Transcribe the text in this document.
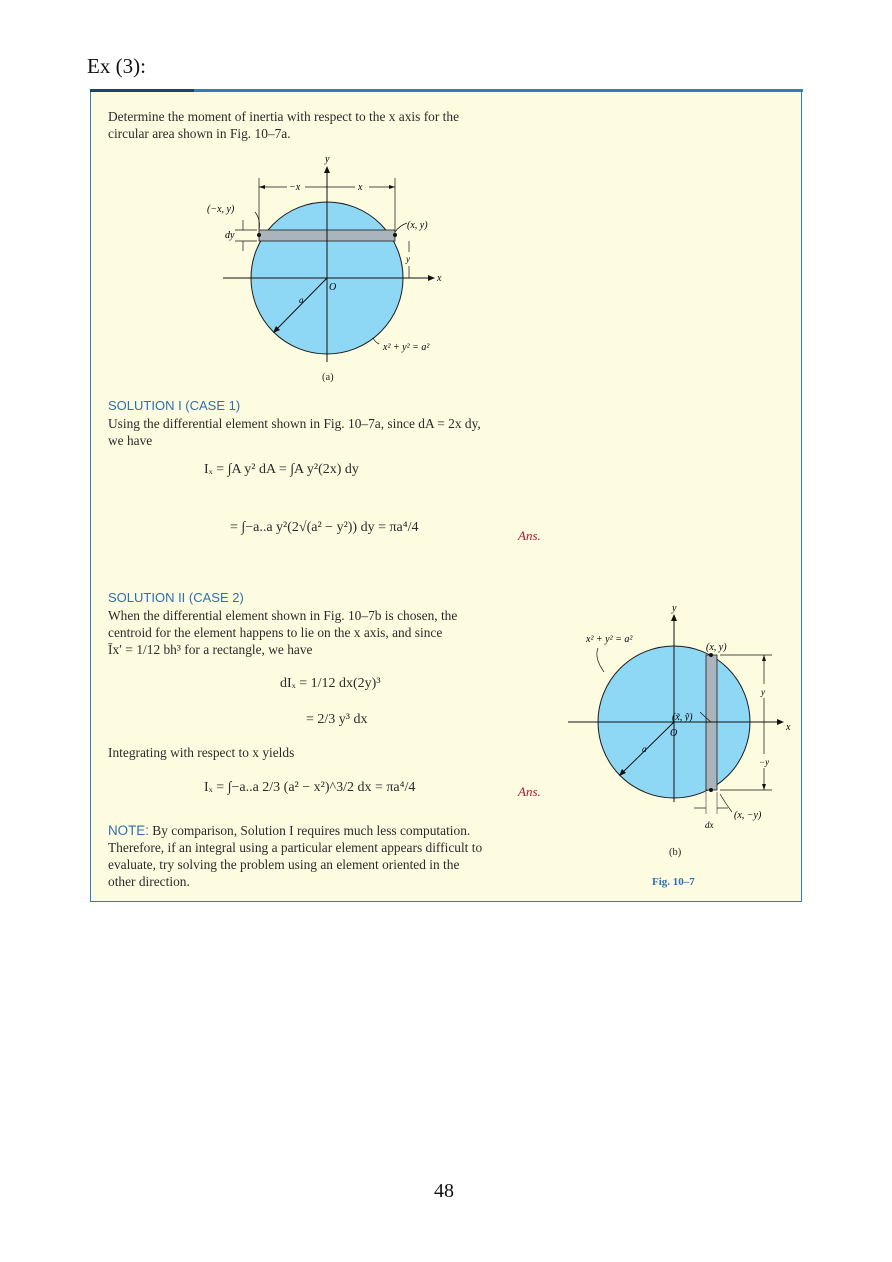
Ex (3):
Determine the moment of inertia with respect to the x axis for the
circular area shown in Fig. 10–7a.
y
x
O
a
(−x, y)
(x, y)
−x	x
dy
y
x² + y² = a²
(a)
SOLUTION I (CASE 1)
Using the differential element shown in Fig. 10–7a, since dA = 2x dy,
we have
Iₓ = ∫A y² dA = ∫A y²(2x) dy
= ∫−a..a y²(2√(a² − y²)) dy = πa⁴/4
Ans.
SOLUTION II (CASE 2)
When the differential element shown in Fig. 10–7b is chosen, the
centroid for the element happens to lie on the x axis, and since
Īx′ = 1/12 bh³ for a rectangle, we have
dIₓ = 1/12 dx(2y)³
= 2/3 y³ dx
Integrating with respect to x yields
Iₓ = ∫−a..a 2/3 (a² − x²)^3/2 dx = πa⁴/4	Ans.
NOTE: By comparison, Solution I requires much less computation.
Therefore, if an integral using a particular element appears difficult to
evaluate, try solving the problem using an element oriented in the
other direction.
y
x
O
a
(x, y)
(x, −y)
(x̃, ỹ)
y
−y
dx
x² + y² = a²
(b)
Fig. 10–7
48
